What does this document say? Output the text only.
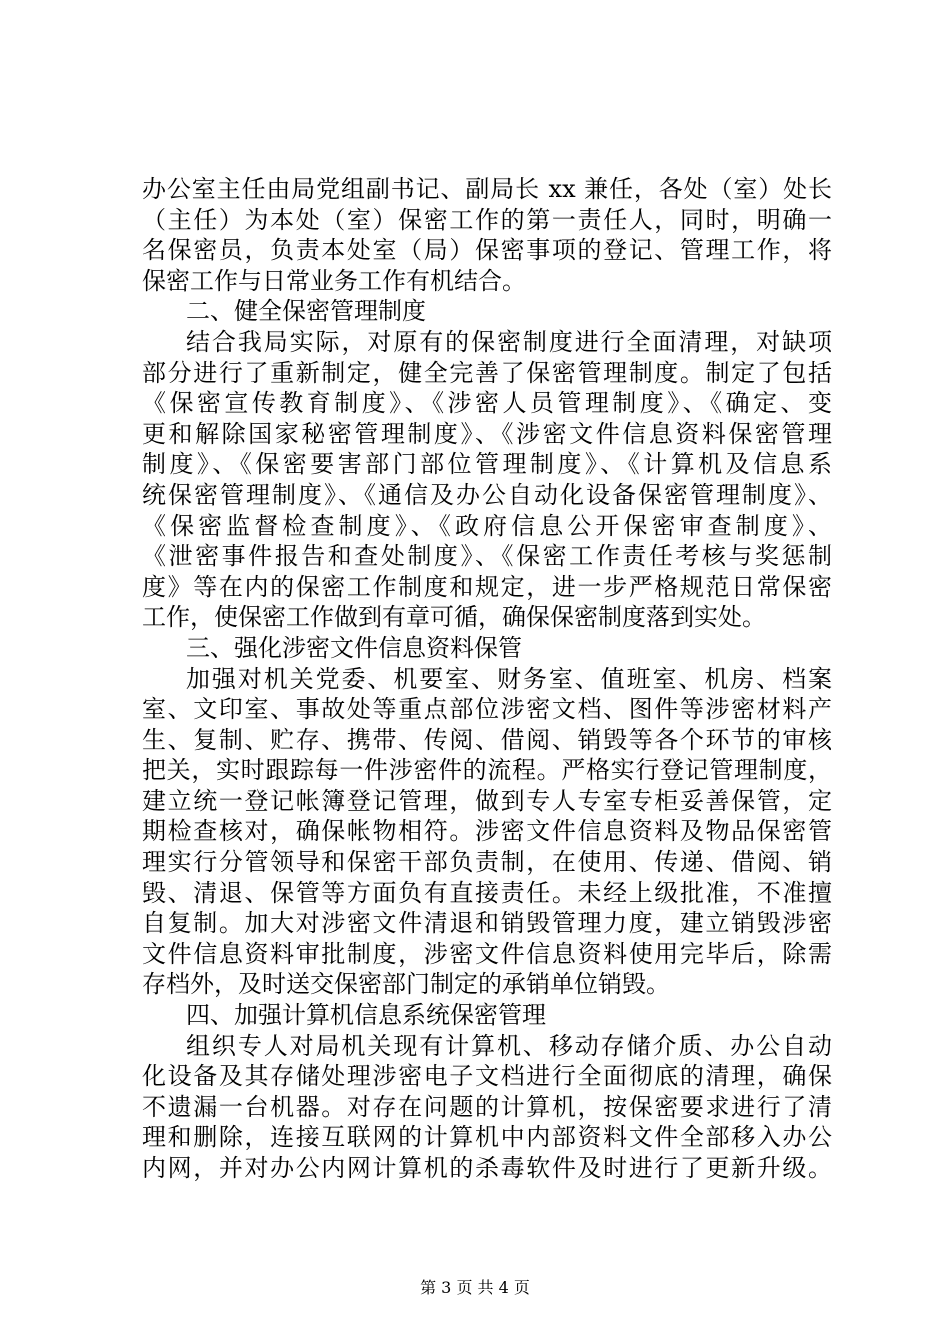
办公室主任由局党组副书记、副局长 xx 兼任，各处（室）处长
（主任）为本处（室）保密工作的第一责任人，同时，明确一
名保密员，负责本处室（局）保密事项的登记、管理工作，将
保密工作与日常业务工作有机结合。
二、健全保密管理制度
结合我局实际，对原有的保密制度进行全面清理，对缺项
部分进行了重新制定，健全完善了保密管理制度。制定了包括
《保密宣传教育制度》、《涉密人员管理制度》、《确定、变
更和解除国家秘密管理制度》、《涉密文件信息资料保密管理
制度》、《保密要害部门部位管理制度》、《计算机及信息系
统保密管理制度》、《通信及办公自动化设备保密管理制度》、
《保密监督检查制度》、《政府信息公开保密审查制度》、
《泄密事件报告和查处制度》、《保密工作责任考核与奖惩制
度》等在内的保密工作制度和规定，进一步严格规范日常保密
工作，使保密工作做到有章可循，确保保密制度落到实处。
三、强化涉密文件信息资料保管
加强对机关党委、机要室、财务室、值班室、机房、档案
室、文印室、事故处等重点部位涉密文档、图件等涉密材料产
生、复制、贮存、携带、传阅、借阅、销毁等各个环节的审核
把关，实时跟踪每一件涉密件的流程。严格实行登记管理制度，
建立统一登记帐簿登记管理，做到专人专室专柜妥善保管，定
期检查核对，确保帐物相符。涉密文件信息资料及物品保密管
理实行分管领导和保密干部负责制，在使用、传递、借阅、销
毁、清退、保管等方面负有直接责任。未经上级批准，不准擅
自复制。加大对涉密文件清退和销毁管理力度，建立销毁涉密
文件信息资料审批制度，涉密文件信息资料使用完毕后，除需
存档外，及时送交保密部门制定的承销单位销毁。
四、加强计算机信息系统保密管理
组织专人对局机关现有计算机、移动存储介质、办公自动
化设备及其存储处理涉密电子文档进行全面彻底的清理，确保
不遗漏一台机器。对存在问题的计算机，按保密要求进行了清
理和删除，连接互联网的计算机中内部资料文件全部移入办公
内网，并对办公内网计算机的杀毒软件及时进行了更新升级。
第 3 页 共 4 页
